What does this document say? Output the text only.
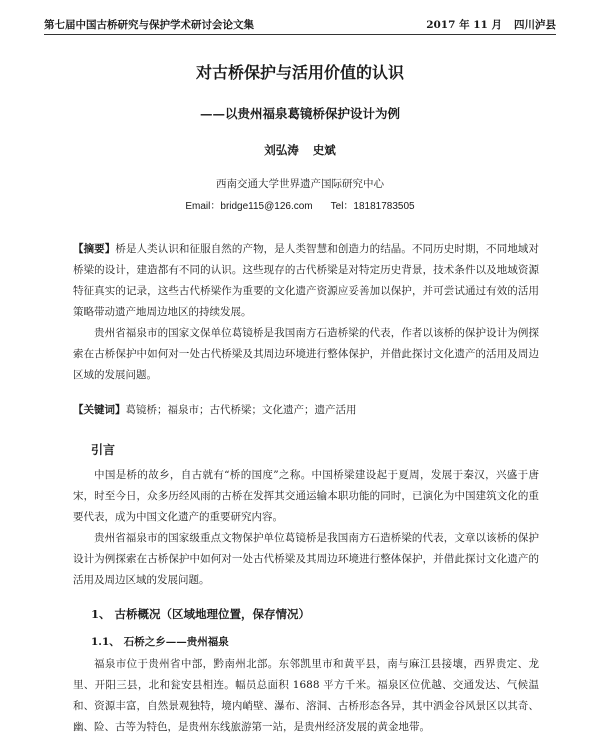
第七届中国古桥研究与保护学术研讨会论文集	2017 年 11 月 四川泸县
对古桥保护与活用价值的认识
——以贵州福泉葛镜桥保护设计为例
刘弘涛 史斌
西南交通大学世界遗产国际研究中心
Email：bridge115@126.com Tel：18181783505
【摘要】桥是人类认识和征服自然的产物，是人类智慧和创造力的结晶。不同历史时期，不同地域对桥梁的设计，建造都有不同的认识。这些现存的古代桥梁是对特定历史背景，技术条件以及地域资源特征真实的记录，这些古代桥梁作为重要的文化遗产资源应妥善加以保护，并可尝试通过有效的活用策略带动遗产地周边地区的持续发展。
贵州省福泉市的国家文保单位葛镜桥是我国南方石造桥梁的代表，作者以该桥的保护设计为例探索在古桥保护中如何对一处古代桥梁及其周边环境进行整体保护，并借此探讨文化遗产的活用及周边区域的发展问题。
【关键词】葛镜桥；福泉市；古代桥梁；文化遗产；遗产活用
引言
中国是桥的故乡，自古就有“桥的国度”之称。中国桥梁建设起于夏周，发展于秦汉，兴盛于唐宋，时至今日，众多历经风雨的古桥在发挥其交通运输本职功能的同时，已演化为中国建筑文化的重要代表，成为中国文化遗产的重要研究内容。
贵州省福泉市的国家级重点文物保护单位葛镜桥是我国南方石造桥梁的代表，文章以该桥的保护设计为例探索在古桥保护中如何对一处古代桥梁及其周边环境进行整体保护，并借此探讨文化遗产的活用及周边区域的发展问题。
1、 古桥概况（区域地理位置，保存情况）
1.1、 石桥之乡——贵州福泉
福泉市位于贵州省中部，黔南州北部。东邻凯里市和黄平县，南与麻江县接壤，西界贵定、龙里、开阳三县，北和瓮安县相连。幅员总面积 1688 平方千米。福泉区位优越、交通发达、气候温和、资源丰富，自然景观独特，境内峭壁、瀑布、溶洞、古桥形态各异，其中洒金谷风景区以其奇、幽、险、古等为特色，是贵州东线旅游第一站，是贵州经济发展的黄金地带。
